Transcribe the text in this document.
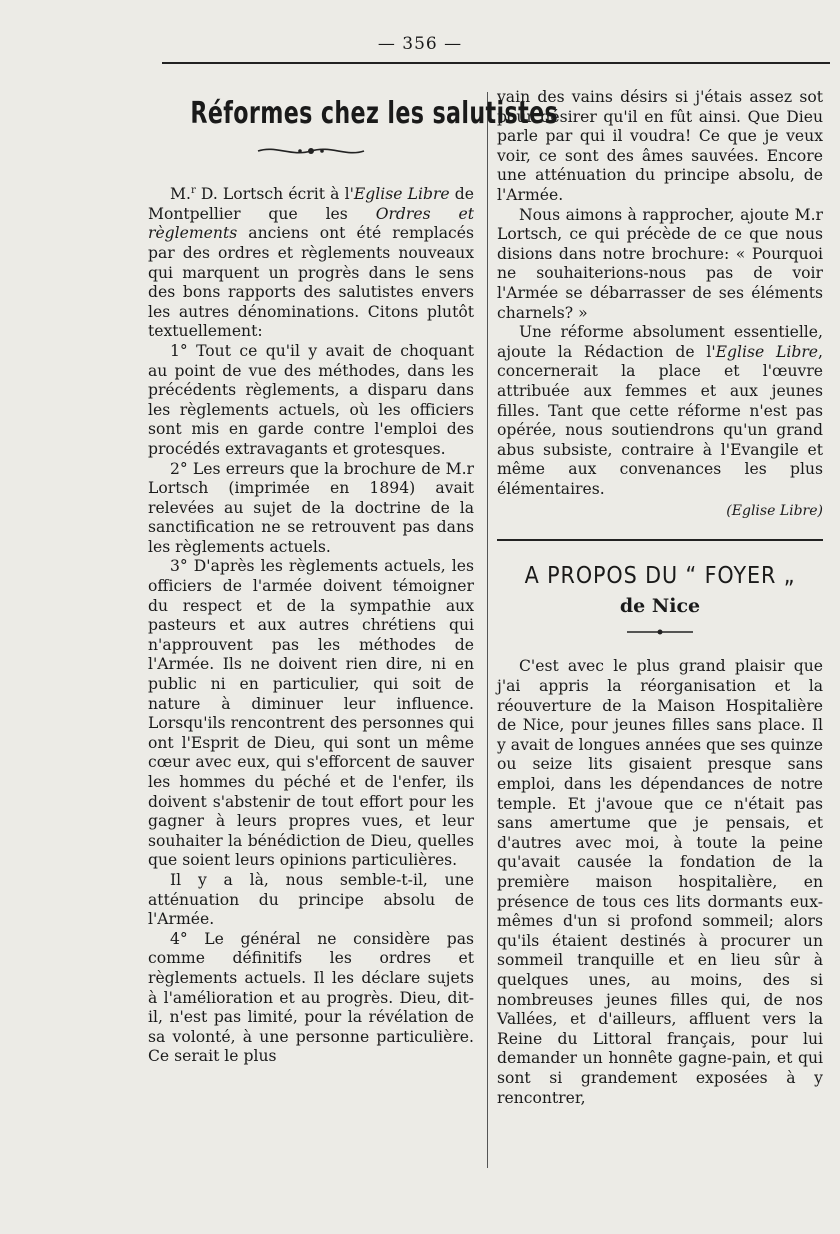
— 356 —
Réformes chez les salutistes

M.$^r$ D. Lortsch écrit à l'Eglise Libre de Montpellier que les Ordres et règlements anciens ont été remplacés par des ordres et règlements nouveaux qui marquent un progrès dans le sens des bons rapports des salutistes envers les autres dénominations. Citons plutôt textuellement:

1° Tout ce qu'il y avait de choquant au point de vue des méthodes, dans les précédents règlements, a disparu dans les règlements actuels, où les officiers sont mis en garde contre l'emploi des procédés extravagants et grotesques.

2° Les erreurs que la brochure de M.r Lortsch (imprimée en 1894) avait relevées au sujet de la doctrine de la sanctification ne se retrouvent pas dans les règlements actuels.

3° D'après les règlements actuels, les officiers de l'armée doivent témoigner du respect et de la sympathie aux pasteurs et aux autres chrétiens qui n'approuvent pas les méthodes de l'Armée. Ils ne doivent rien dire, ni en public ni en particulier, qui soit de nature à diminuer leur influence. Lorsqu'ils rencontrent des personnes qui ont l'Esprit de Dieu, qui sont un même cœur avec eux, qui s'efforcent de sauver les hommes du péché et de l'enfer, ils doivent s'abstenir de tout effort pour les gagner à leurs propres vues, et leur souhaiter la bénédiction de Dieu, quelles que soient leurs opinions particulières.

Il y a là, nous semble-t-il, une atténuation du principe absolu de l'Armée.

4° Le général ne considère pas comme définitifs les ordres et règlements actuels. Il les déclare sujets à l'amélioration et au progrès. Dieu, dit-il, n'est pas limité, pour la révélation de sa volonté, à une personne particulière. Ce serait le plus

vain des vains désirs si j'étais assez sot pour désirer qu'il en fût ainsi. Que Dieu parle par qui il voudra! Ce que je veux voir, ce sont des âmes sauvées. Encore une atténuation du principe absolu, de l'Armée.

Nous aimons à rapprocher, ajoute M.r Lortsch, ce qui précède de ce que nous disions dans notre brochure: « Pourquoi ne souhaiterions-nous pas de voir l'Armée se débarrasser de ses éléments charnels? »

Une réforme absolument essentielle, ajoute la Rédaction de l'Eglise Libre, concernerait la place et l'œuvre attribuée aux femmes et aux jeunes filles. Tant que cette réforme n'est pas opérée, nous soutiendrons qu'un grand abus subsiste, contraire à l'Evangile et même aux convenances les plus élémentaires.

(Eglise Libre)
A PROPOS DU “ FOYER „
de Nice

C'est avec le plus grand plaisir que j'ai appris la réorganisation et la réouverture de la Maison Hospitalière de Nice, pour jeunes filles sans place. Il y avait de longues années que ses quinze ou seize lits gisaient presque sans emploi, dans les dépendances de notre temple. Et j'avoue que ce n'était pas sans amertume que je pensais, et d'autres avec moi, à toute la peine qu'avait causée la fondation de la première maison hospitalière, en présence de tous ces lits dormants eux-mêmes d'un si profond sommeil; alors qu'ils étaient destinés à procurer un sommeil tranquille et en lieu sûr à quelques unes, au moins, des si nombreuses jeunes filles qui, de nos Vallées, et d'ailleurs, affluent vers la Reine du Littoral français, pour lui demander un honnête gagne-pain, et qui sont si grandement exposées à y rencontrer,
